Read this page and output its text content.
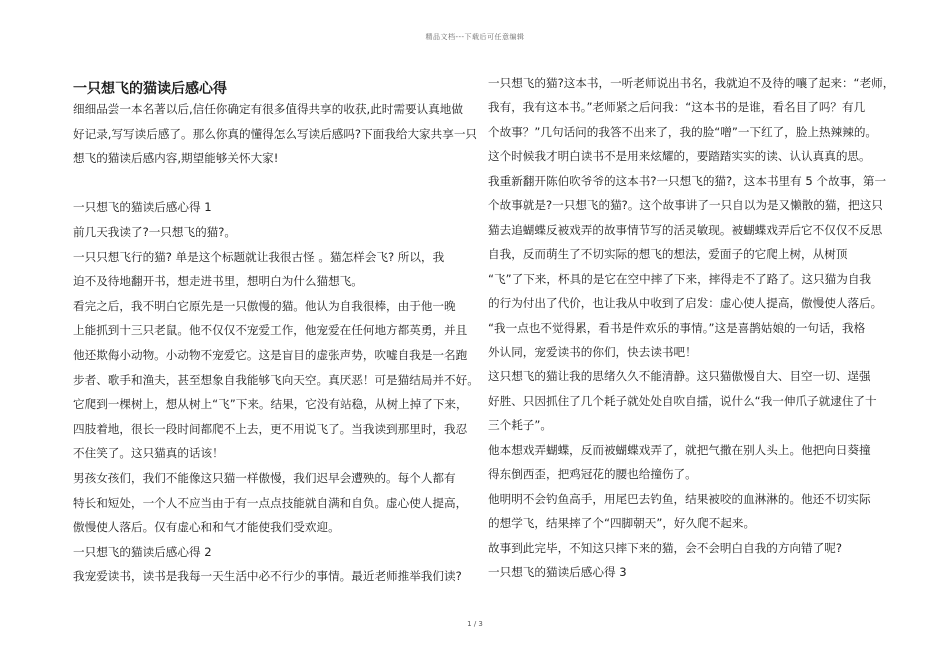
精品文档---下载后可任意编辑
一只想飞的猫读后感心得
细细品尝一本名著以后,信任你确定有很多值得共享的收获,此时需要认真地做
好记录,写写读后感了。那么你真的懂得怎么写读后感吗?下面我给大家共享一只
想飞的猫读后感内容,期望能够关怀大家!
一只想飞的猫读后感心得 1
前几天我读了?一只想飞的猫?。
一只只想飞行的猫? 单是这个标题就让我很古怪 。猫怎样会飞? 所以，我
迫不及待地翻开书，想走进书里，想明白为什么猫想飞。
看完之后，我不明白它原先是一只傲慢的猫。他认为自我很棒，由于他一晚
上能抓到十三只老鼠。他不仅仅不宠爱工作，他宠爱在任何地方都英勇，并且
他还欺侮小动物。小动物不宠爱它。这是盲目的虚张声势，吹嘘自我是一名跑
步者、歌手和渔夫，甚至想象自我能够飞向天空。真厌恶！可是猫结局并不好。
它爬到一棵树上，想从树上“飞”下来。结果，它没有站稳，从树上掉了下来，
四肢着地，很长一段时间都爬不上去，更不用说飞了。当我读到那里时，我忍
不住笑了。这只猫真的话该！
男孩女孩们，我们不能像这只猫一样傲慢，我们迟早会遭殃的。每个人都有
特长和短处，一个人不应当由于有一点点技能就自满和自负。虚心使人提高，
傲慢使人落后。仅有虚心和和气才能使我们受欢迎。
一只想飞的猫读后感心得 2
我宠爱读书，读书是我每一天生活中必不行少的事情。最近老师推举我们读?
一只想飞的猫?这本书，一听老师说出书名，我就迫不及待的嚷了起来：“老师，
我有，我有这本书。”老师紧之后问我：“这本书的是谁，看名目了吗？有几
个故事？”几句话问的我答不出来了，我的脸“噌”一下红了，脸上热辣辣的。
这个时候我才明白读书不是用来炫耀的，要踏踏实实的读、认认真真的思。
我重新翻开陈伯吹爷爷的这本书?一只想飞的猫?，这本书里有 5 个故事，第一
个故事就是?一只想飞的猫?。这个故事讲了一只自以为是又懒散的猫，把这只
猫去追蝴蝶反被戏弄的故事情节写的活灵敏现。被蝴蝶戏弄后它不仅仅不反思
自我，反而萌生了不切实际的想飞的想法，爱面子的它爬上树，从树顶
“飞”了下来，杯具的是它在空中摔了下来，摔得走不了路了。这只猫为自我
的行为付出了代价，也让我从中收到了启发：虚心使人提高，傲慢使人落后。
“我一点也不觉得累，看书是件欢乐的事情。”这是喜鹊姑娘的一句话，我格
外认同，宠爱读书的你们，快去读书吧！
这只想飞的猫让我的思绪久久不能清静。这只猫傲慢自大、目空一切、逞强
好胜、只因抓住了几个耗子就处处自吹自擂，说什么“我一伸爪子就逮住了十
三个耗子”。
他本想戏弄蝴蝶，反而被蝴蝶戏弄了，就把气撒在别人头上。他把向日葵撞
得东倒西歪，把鸡冠花的腰也给撞伤了。
他明明不会钓鱼高手，用尾巴去钓鱼，结果被咬的血淋淋的。他还不切实际
的想学飞，结果摔了个“四脚朝天”，好久爬不起来。
故事到此完毕，不知这只摔下来的猫，会不会明白自我的方向错了呢?
一只想飞的猫读后感心得 3
1 / 3
